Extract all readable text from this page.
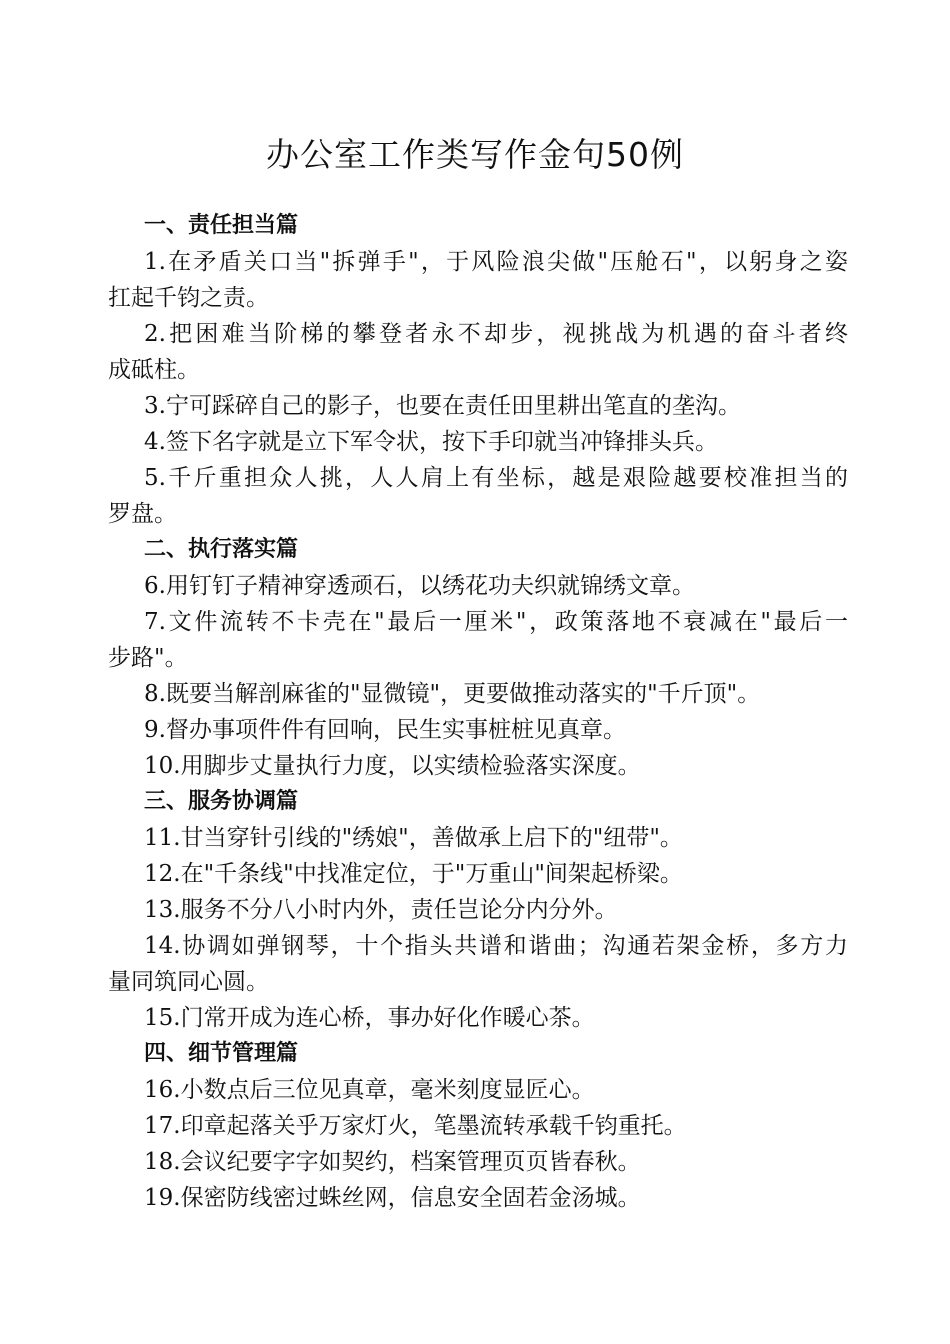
办公室工作类写作金句50例
一、责任担当篇
1.在矛盾关口当"拆弹手"，于风险浪尖做"压舱石"，以躬身之姿
扛起千钧之责。
2.把困难当阶梯的攀登者永不却步，视挑战为机遇的奋斗者终
成砥柱。
3.宁可踩碎自己的影子，也要在责任田里耕出笔直的垄沟。
4.签下名字就是立下军令状，按下手印就当冲锋排头兵。
5.千斤重担众人挑，人人肩上有坐标，越是艰险越要校准担当的
罗盘。
二、执行落实篇
6.用钉钉子精神穿透顽石，以绣花功夫织就锦绣文章。
7.文件流转不卡壳在"最后一厘米"，政策落地不衰减在"最后一
步路"。
8.既要当解剖麻雀的"显微镜"，更要做推动落实的"千斤顶"。
9.督办事项件件有回响，民生实事桩桩见真章。
10.用脚步丈量执行力度，以实绩检验落实深度。
三、服务协调篇
11.甘当穿针引线的"绣娘"，善做承上启下的"纽带"。
12.在"千条线"中找准定位，于"万重山"间架起桥梁。
13.服务不分八小时内外，责任岂论分内分外。
14.协调如弹钢琴，十个指头共谱和谐曲；沟通若架金桥，多方力
量同筑同心圆。
15.门常开成为连心桥，事办好化作暖心茶。
四、细节管理篇
16.小数点后三位见真章，毫米刻度显匠心。
17.印章起落关乎万家灯火，笔墨流转承载千钧重托。
18.会议纪要字字如契约，档案管理页页皆春秋。
19.保密防线密过蛛丝网，信息安全固若金汤城。
